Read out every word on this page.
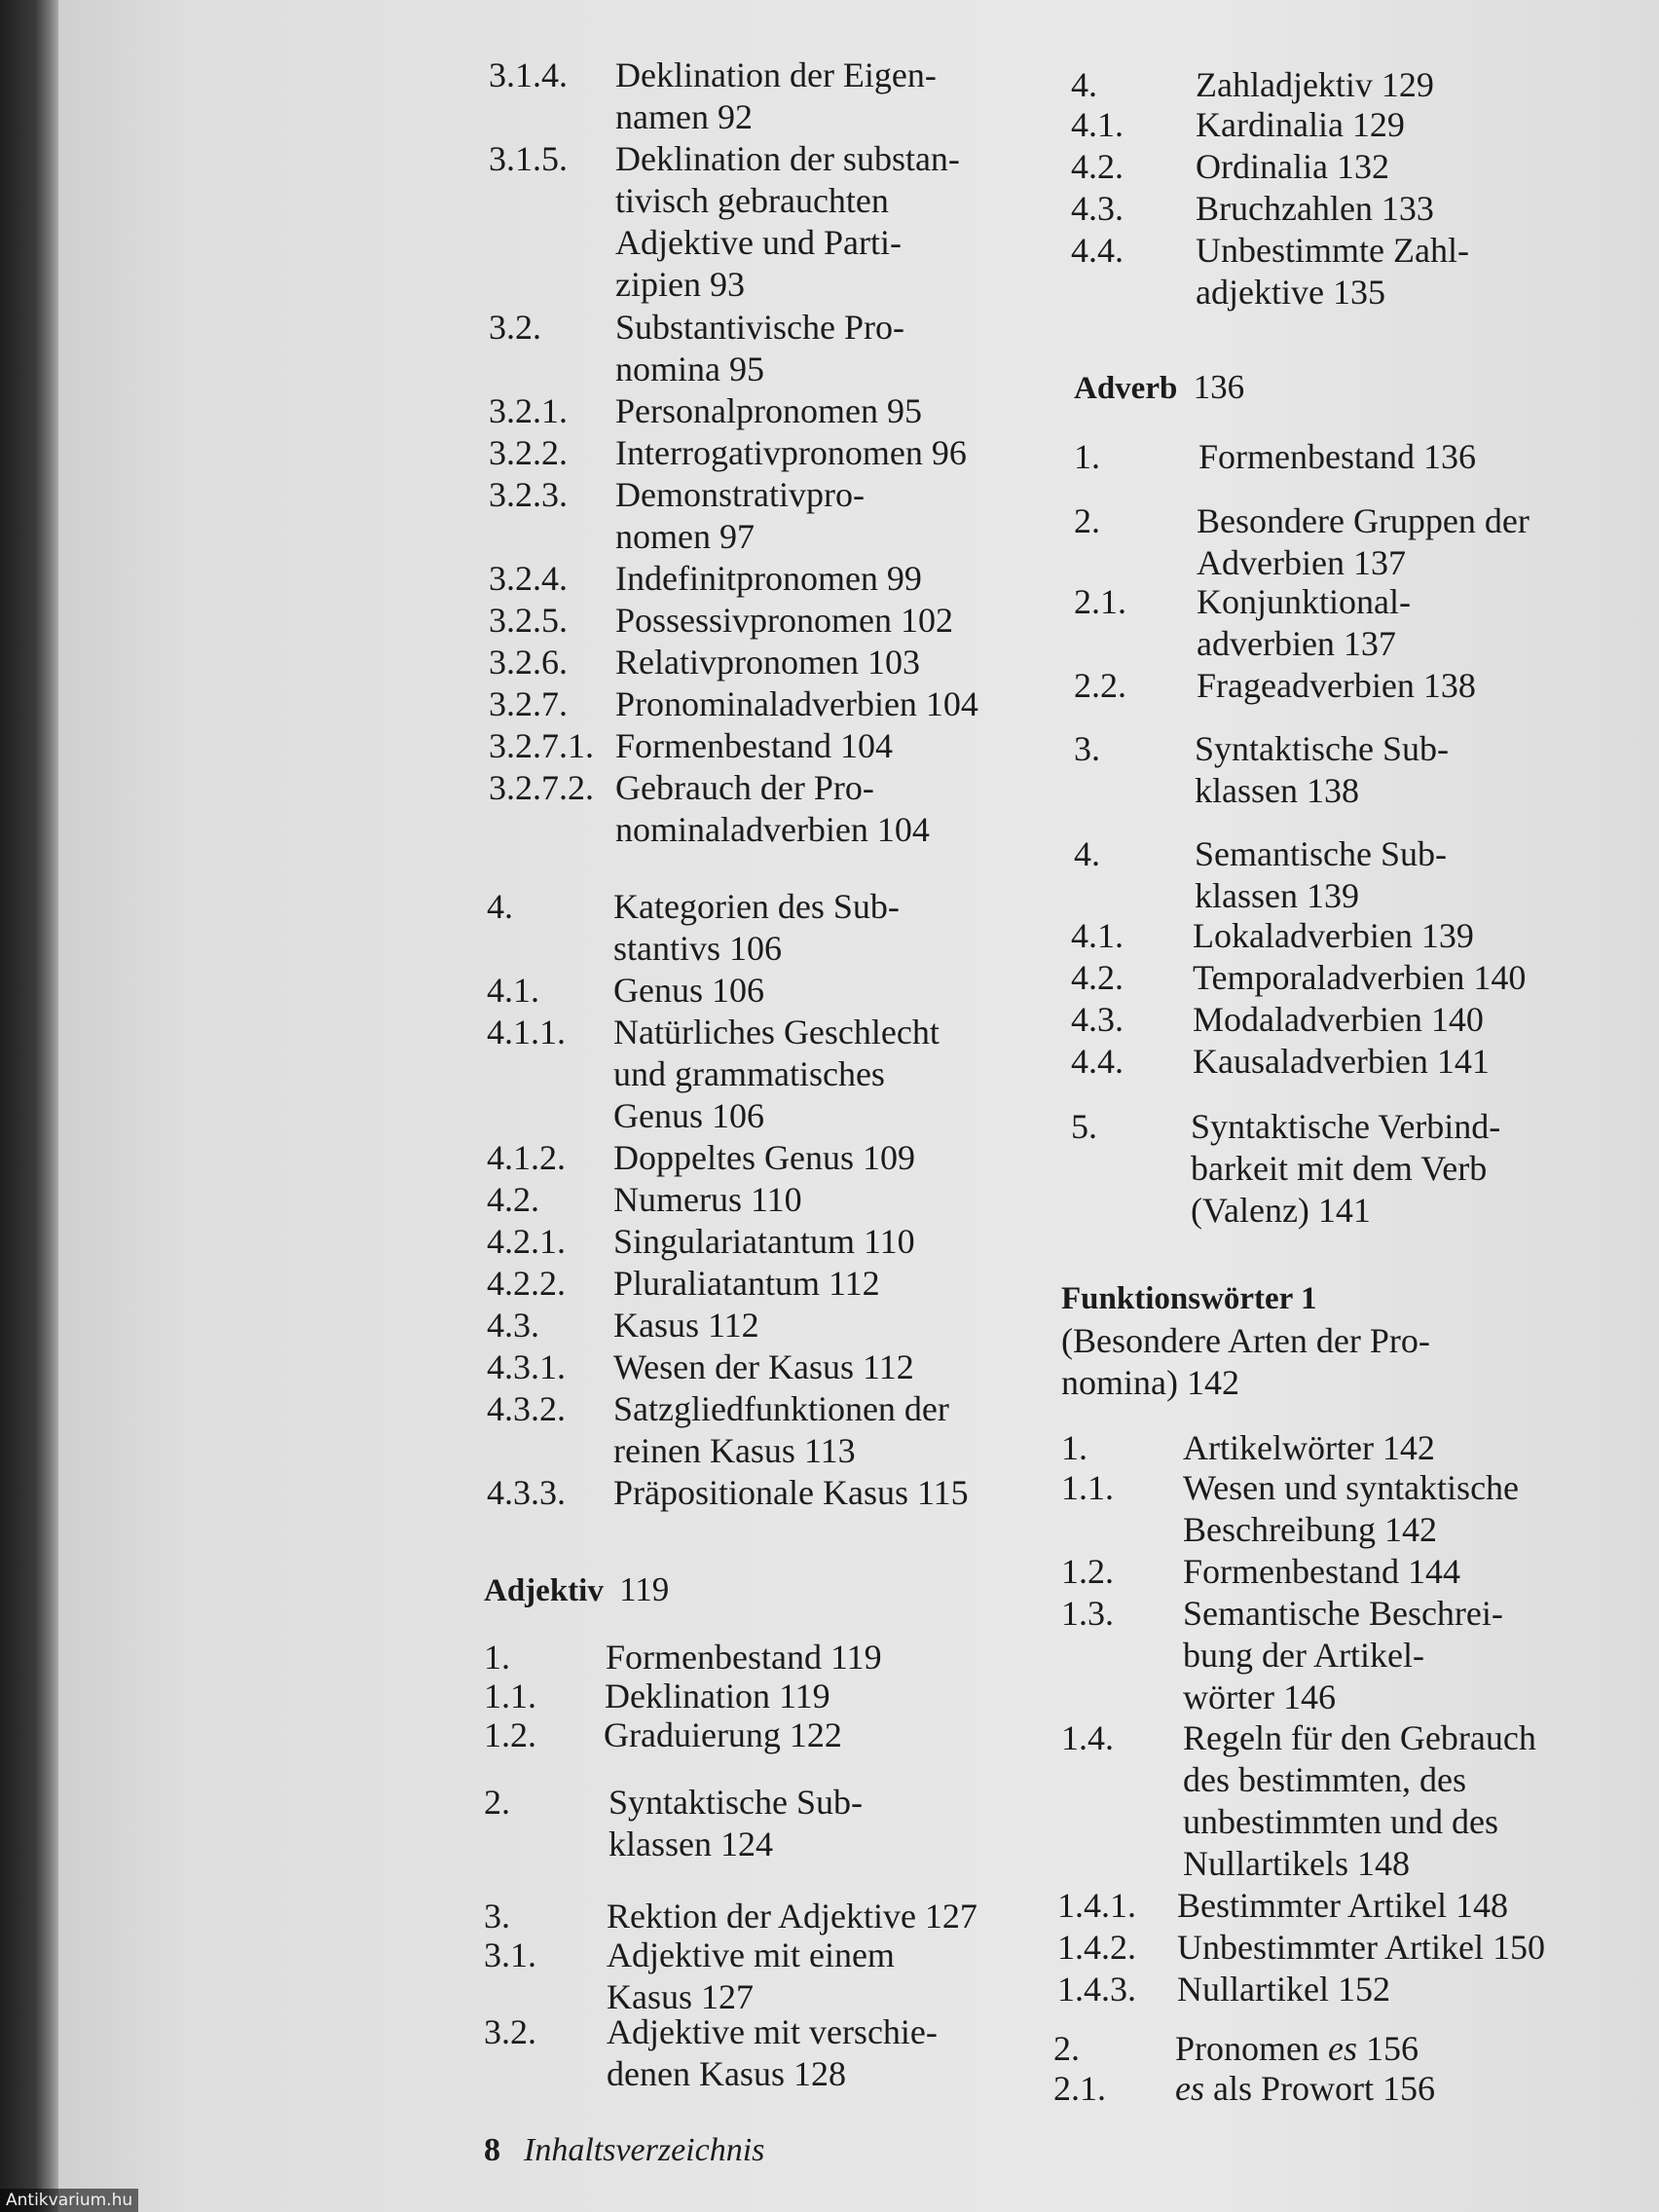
3.1.4. Deklination der Eigen-
namen 92
3.1.5. Deklination der substan-
tivisch gebrauchten
Adjektive und Parti-
zipien 93
3.2. Substantivische Pro-
nomina 95
3.2.1. Personalpronomen 95
3.2.2. Interrogativpronomen 96
3.2.3. Demonstrativpro-
nomen 97
3.2.4. Indefinitpronomen 99
3.2.5. Possessivpronomen 102
3.2.6. Relativpronomen 103
3.2.7. Pronominaladverbien 104
3.2.7.1. Formenbestand 104
3.2.7.2. Gebrauch der Pro-
nominaladverbien 104
4.	Kategorien des Sub-
stantivs 106
4.1. Genus 106
4.1.1. Natürliches Geschlecht
und grammatisches
Genus 106
4.1.2. Doppeltes Genus 109
4.2. Numerus 110
4.2.1. Singulariatantum 110
4.2.2. Pluraliatantum 112
4.3. Kasus 112
4.3.1. Wesen der Kasus 112
4.3.2. Satzgliedfunktionen der
reinen Kasus 113
4.3.3. Präpositionale Kasus 115
Adjektiv 119
1.	Formenbestand 119
1.1. Deklination 119
1.2. Graduierung 122
2.	Syntaktische Sub-
klassen 124
3.	Rektion der Adjektive 127
3.1. Adjektive mit einem
Kasus 127
3.2. Adjektive mit verschie-
denen Kasus 128
4.	Zahladjektiv 129
4.1. Kardinalia 129
4.2. Ordinalia 132
4.3. Bruchzahlen 133
4.4. Unbestimmte Zahl-
adjektive 135
Adverb 136
1.	Formenbestand 136
2.	Besondere Gruppen der
Adverbien 137
2.1. Konjunktional-
adverbien 137
2.2. Frageadverbien 138
3.	Syntaktische Sub-
klassen 138
4.	Semantische Sub-
klassen 139
4.1. Lokaladverbien 139
4.2. Temporaladverbien 140
4.3. Modaladverbien 140
4.4. Kausaladverbien 141
5.	Syntaktische Verbind-
barkeit mit dem Verb
(Valenz) 141
Funktionswörter 1
(Besondere Arten der Pro-
nomina) 142
1.	Artikelwörter 142
1.1. Wesen und syntaktische
Beschreibung 142
1.2. Formenbestand 144
1.3. Semantische Beschrei-
bung der Artikel-
wörter 146
1.4. Regeln für den Gebrauch
des bestimmten, des
unbestimmten und des
Nullartikels 148
1.4.1. Bestimmter Artikel 148
1.4.2. Unbestimmter Artikel 150
1.4.3. Nullartikel 152
2.	Pronomen es 156
2.1. es als Prowort 156
8 Inhaltsverzeichnis
Antikvarium.hu
